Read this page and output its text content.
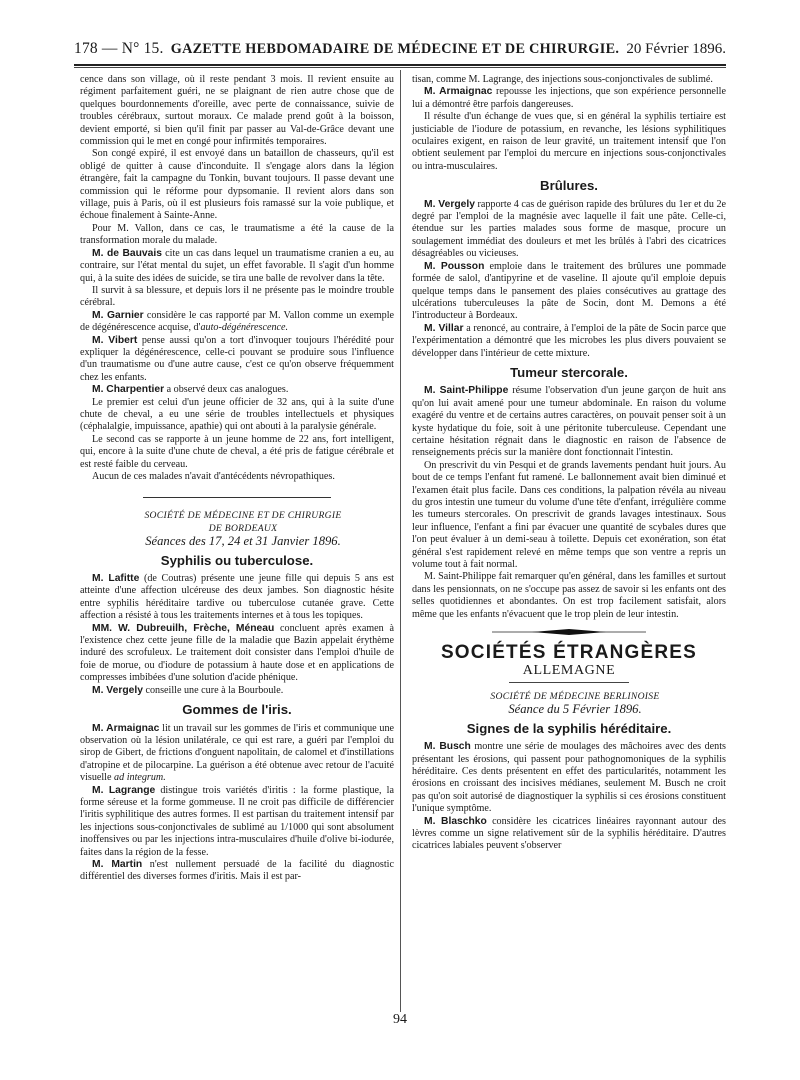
178 — N° 15. GAZETTE HEBDOMADAIRE DE MÉDECINE ET DE CHIRURGIE. 20 Février 1896.

cence dans son village, où il reste pendant 3 mois. Il revient ensuite au régiment parfaitement guéri, ne se plaignant de rien autre chose que de quelques bourdonnements d'oreille, avec perte de connaissance, suivie de troubles cérébraux, surtout moraux. Ce malade prend goût à la boisson, devient emporté, si bien qu'il finit par passer au Val-de-Grâce devant une commission qui le met en congé pour infirmités temporaires.

Son congé expiré, il est envoyé dans un bataillon de chasseurs, qu'il est obligé de quitter à cause d'inconduite. Il s'engage alors dans la légion étrangère, fait la campagne du Tonkin, buvant toujours. Il passe devant une commission qui le réforme pour dypsomanie. Il revient alors dans son village, puis à Paris, où il est plusieurs fois ramassé sur la voie publique, et échoue finalement à Sainte-Anne.

Pour M. Vallon, dans ce cas, le traumatisme a été la cause de la transformation morale du malade.

M. de Bauvais cite un cas dans lequel un traumatisme cranien a eu, au contraire, sur l'état mental du sujet, un effet favorable. Il s'agit d'un homme qui, à la suite des idées de suicide, se tira une balle de revolver dans la tête.

Il survit à sa blessure, et depuis lors il ne présente pas le moindre trouble cérébral.

M. Garnier considère le cas rapporté par M. Vallon comme un exemple de dégénérescence acquise, d'auto-dégénérescence.

M. Vibert pense aussi qu'on a tort d'invoquer toujours l'hérédité pour expliquer la dégénérescence, celle-ci pouvant se produire sous l'influence d'un traumatisme ou d'une autre cause, c'est ce qu'on observe fréquemment chez les enfants.

M. Charpentier a observé deux cas analogues.

Le premier est celui d'un jeune officier de 32 ans, qui à la suite d'une chute de cheval, a eu une série de troubles intellectuels et physiques (céphalalgie, impuissance, apathie) qui ont abouti à la paralysie générale.

Le second cas se rapporte à un jeune homme de 22 ans, fort intelligent, qui, encore à la suite d'une chute de cheval, a été pris de fatigue cérébrale et est resté faible du cerveau.

Aucun de ces malades n'avait d'antécédents névropathiques.

SOCIÉTÉ DE MÉDECINE ET DE CHIRURGIE

DE BORDEAUX

Séances des 17, 24 et 31 Janvier 1896.

Syphilis ou tuberculose.

M. Lafitte (de Coutras) présente une jeune fille qui depuis 5 ans est atteinte d'une affection ulcéreuse des deux jambes. Son diagnostic hésite entre syphilis héréditaire tardive ou tuberculose cutanée grave. Cette affection a résisté à tous les traitements internes et à tous les topiques.

MM. W. Dubreuilh, Frèche, Méneau concluent après examen à l'existence chez cette jeune fille de la maladie que Bazin appelait érythème induré des scrofuleux. Le traitement doit consister dans l'emploi d'huile de foie de morue, ou d'iodure de potassium à haute dose et en applications de compresses imbibées d'une solution d'acide phénique.

M. Vergely conseille une cure à la Bourboule.

Gommes de l'iris.

M. Armaignac lit un travail sur les gommes de l'iris et communique une observation où la lésion unilatérale, ce qui est rare, a guéri par l'emploi du sirop de Gibert, de frictions d'onguent napolitain, de calomel et d'instillations d'atropine et de pilocarpine. La guérison a été obtenue avec retour de l'acuité visuelle ad integrum.

M. Lagrange distingue trois variétés d'iritis : la forme plastique, la forme séreuse et la forme gommeuse. Il ne croit pas difficile de différencier l'iritis syphilitique des autres formes. Il est partisan du traitement intensif par les injections sous-conjonctivales de sublimé au 1/1000 qui sont absolument inoffensives ou par les injections intra-musculaires d'huile d'olive bi-iodurée, faites dans la région de la fesse.

M. Martin n'est nullement persuadé de la facilité du diagnostic différentiel des diverses formes d'iritis. Mais il est par-

tisan, comme M. Lagrange, des injections sous-conjonctivales de sublimé.

M. Armaignac repousse les injections, que son expérience personnelle lui a démontré être parfois dangereuses.

Il résulte d'un échange de vues que, si en général la syphilis tertiaire est justiciable de l'iodure de potassium, en revanche, les lésions syphilitiques oculaires exigent, en raison de leur gravité, un traitement intensif que l'on obtient seulement par l'emploi du mercure en injections sous-conjonctivales ou intra-musculaires.

Brûlures.

M. Vergely rapporte 4 cas de guérison rapide des brûlures du 1er et du 2e degré par l'emploi de la magnésie avec laquelle il fait une pâte. Celle-ci, étendue sur les parties malades sous forme de masque, procure un soulagement immédiat des douleurs et met les brûlés à l'abri des cicatrices désagréables ou vicieuses.

M. Pousson emploie dans le traitement des brûlures une pommade formée de salol, d'antipyrine et de vaseline. Il ajoute qu'il emploie depuis quelque temps dans le pansement des plaies consécutives au grattage des ulcérations tuberculeuses la pâte de Socin, dont M. Demons a été l'introducteur à Bordeaux.

M. Villar a renoncé, au contraire, à l'emploi de la pâte de Socin parce que l'expérimentation a démontré que les microbes les plus divers pouvaient se développer dans l'intérieur de cette mixture.

Tumeur stercorale.

M. Saint-Philippe résume l'observation d'un jeune garçon de huit ans qu'on lui avait amené pour une tumeur abdominale. En raison du volume exagéré du ventre et de certains autres caractères, on pouvait penser soit à un kyste hydatique du foie, soit à une péritonite tuberculeuse. Cependant une certaine hésitation régnait dans le diagnostic en raison de l'absence de renseignements précis sur la manière dont fonctionnait l'intestin.

On prescrivit du vin Pesqui et de grands lavements pendant huit jours. Au bout de ce temps l'enfant fut ramené. Le ballonnement avait bien diminué et l'examen était plus facile. Dans ces conditions, la palpation révéla au niveau du gros intestin une tumeur du volume d'une tête d'enfant, irrégulière comme les tumeurs stercorales. On prescrivit de grands lavages intestinaux. Sous leur influence, l'enfant a fini par évacuer une quantité de scybales dures que l'on peut évaluer à un demi-seau à toilette. Depuis cet exonération, son état général s'est rapidement relevé en même temps que son ventre a repris un volume tout à fait normal.

M. Saint-Philippe fait remarquer qu'en général, dans les familles et surtout dans les pensionnats, on ne s'occupe pas assez de savoir si les enfants ont des selles quotidiennes et abondantes. On est trop facilement satisfait, alors même que les enfants n'évacuent que le trop plein de leur intestin.

SOCIÉTÉS ÉTRANGÈRES
ALLEMAGNE

SOCIÉTÉ DE MÉDECINE BERLINOISE

Séance du 5 Février 1896.

Signes de la syphilis héréditaire.

M. Busch montre une série de moulages des mâchoires avec des dents présentant les érosions, qui passent pour pathognomoniques de la syphilis héréditaire. Ces dents présentent en effet des particularités, notamment les érosions en croissant des incisives médianes, seulement M. Busch ne croit pas qu'on soit autorisé de diagnostiquer la syphilis si ces érosions constituent l'unique symptôme.

M. Blaschko considère les cicatrices linéaires rayonnant autour des lèvres comme un signe relativement sûr de la syphilis héréditaire. D'autres cicatrices labiales peuvent s'observer

94
